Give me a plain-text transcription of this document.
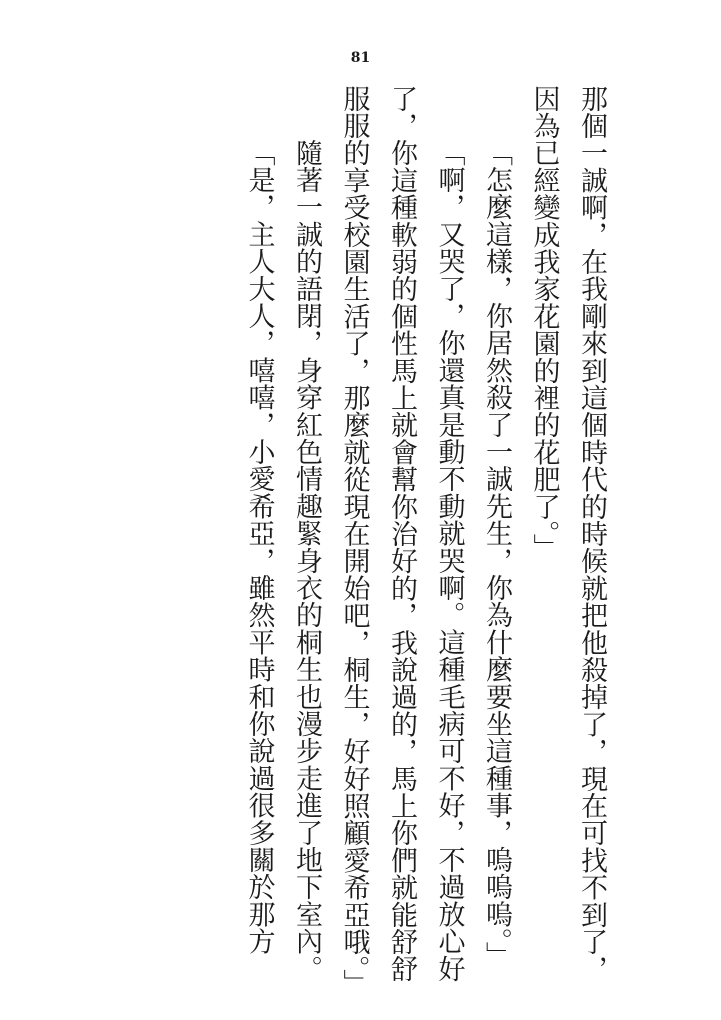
81

那個一誠啊，在我剛來到這個時代的時候就把他殺掉了，現在可找不到了，因為已經變成我家花園的裡的花肥了。」

「怎麼這樣，你居然殺了一誠先生，你為什麼要坐這種事，嗚嗚嗚。」

「啊，又哭了，你還真是動不動就哭啊。這種毛病可不好，不過放心好了，你這種軟弱的個性馬上就會幫你治好的，我說過的，馬上你們就能舒舒服服的享受校園生活了，那麼就從現在開始吧，桐生，好好照顧愛希亞哦。」

隨著一誠的語閉，身穿紅色情趣緊身衣的桐生也漫步走進了地下室內。

「是，主人大人，嘻嘻，小愛希亞，雖然平時和你說過很多關於那方
